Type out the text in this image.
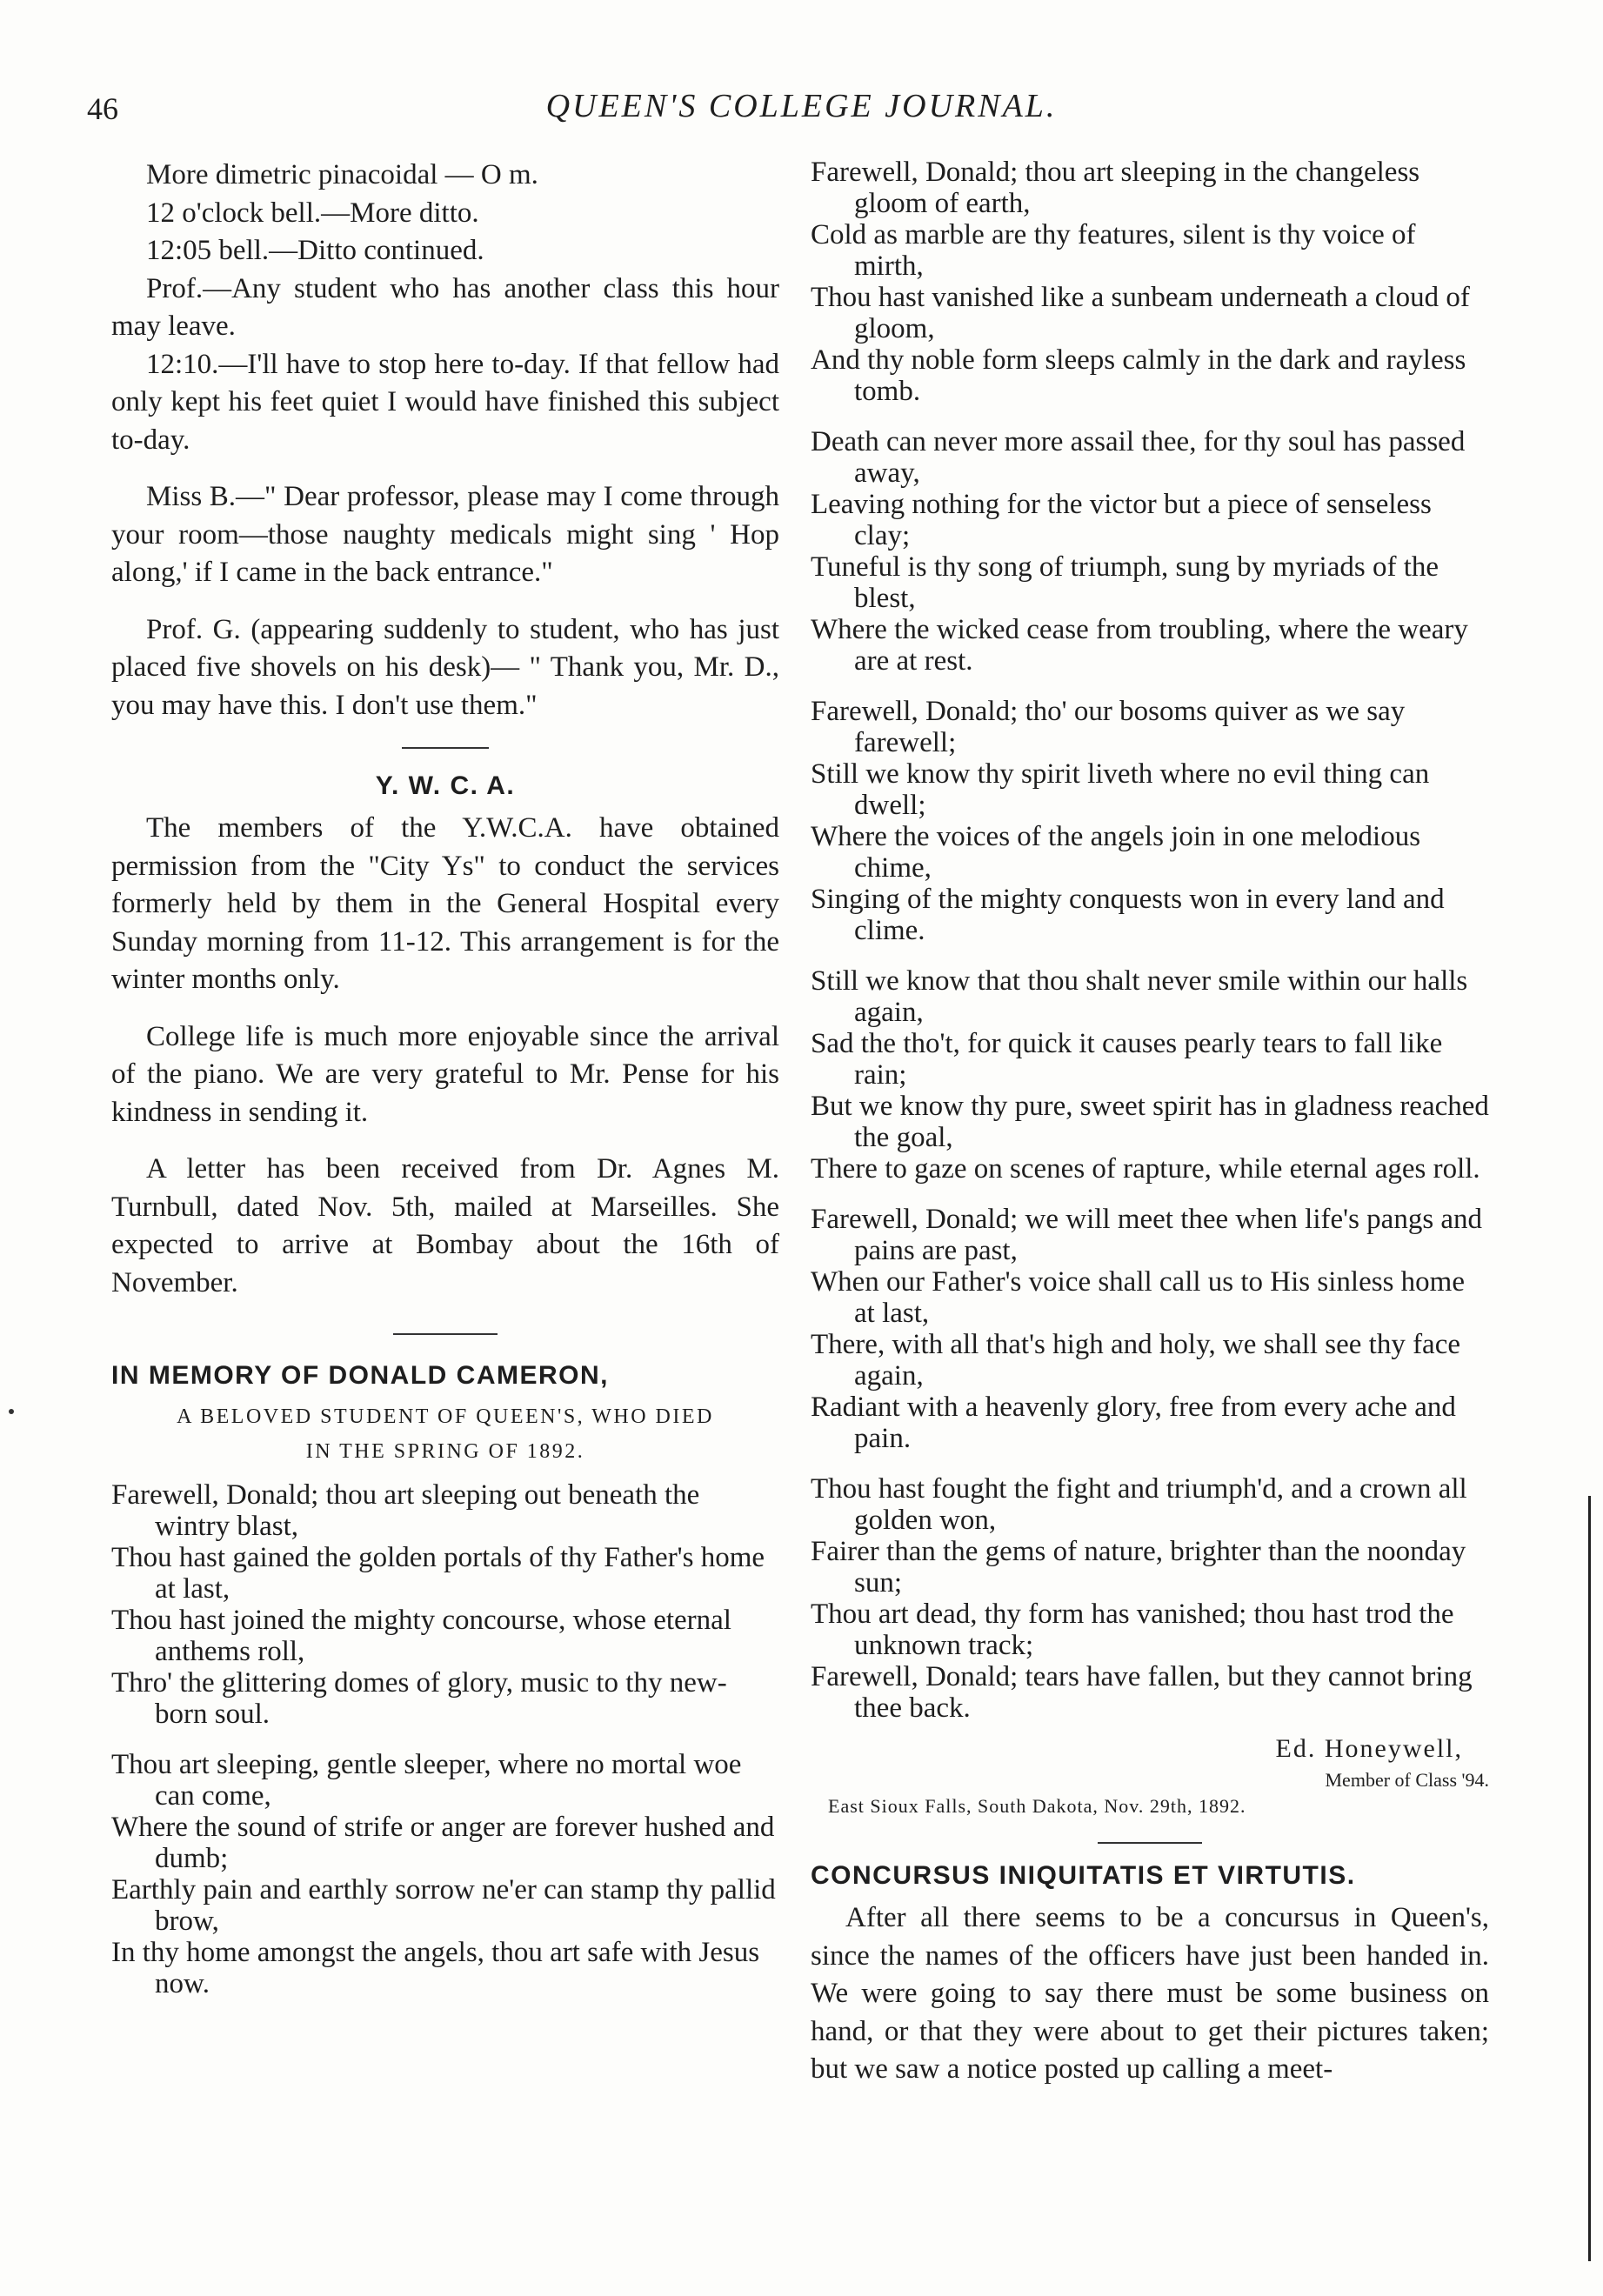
46	QUEEN'S COLLEGE JOURNAL.

More dimetric pinacoidal — O m.

12 o'clock bell.—More ditto.

12:05 bell.—Ditto continued.

Prof.—Any student who has another class this hour may leave.

12:10.—I'll have to stop here to-day. If that fellow had only kept his feet quiet I would have finished this subject to-day.

Miss B.—" Dear professor, please may I come through your room—those naughty medicals might sing ' Hop along,' if I came in the back entrance."

Prof. G. (appearing suddenly to student, who has just placed five shovels on his desk)— " Thank you, Mr. D., you may have this. I don't use them."

Y. W. C. A.

The members of the Y.W.C.A. have obtained permission from the "City Ys" to conduct the services formerly held by them in the General Hospital every Sunday morning from 11-12. This arrangement is for the winter months only.

College life is much more enjoyable since the arrival of the piano. We are very grateful to Mr. Pense for his kindness in sending it.

A letter has been received from Dr. Agnes M. Turnbull, dated Nov. 5th, mailed at Marseilles. She expected to arrive at Bombay about the 16th of November.

IN MEMORY OF DONALD CAMERON,
A BELOVED STUDENT OF QUEEN'S, WHO DIED
IN THE SPRING OF 1892.
Farewell, Donald; thou art sleeping out beneath the wintry blast,
Thou hast gained the golden portals of thy Father's home at last,
Thou hast joined the mighty concourse, whose eternal anthems roll,
Thro' the glittering domes of glory, music to thy new-born soul.
Thou art sleeping, gentle sleeper, where no mortal woe can come,
Where the sound of strife or anger are forever hushed and dumb;
Earthly pain and earthly sorrow ne'er can stamp thy pallid brow,
In thy home amongst the angels, thou art safe with Jesus now.
Farewell, Donald; thou art sleeping in the changeless gloom of earth,
Cold as marble are thy features, silent is thy voice of mirth,
Thou hast vanished like a sunbeam underneath a cloud of gloom,
And thy noble form sleeps calmly in the dark and rayless tomb.
Death can never more assail thee, for thy soul has passed away,
Leaving nothing for the victor but a piece of senseless clay;
Tuneful is thy song of triumph, sung by myriads of the blest,
Where the wicked cease from troubling, where the weary are at rest.
Farewell, Donald; tho' our bosoms quiver as we say farewell;
Still we know thy spirit liveth where no evil thing can dwell;
Where the voices of the angels join in one melodious chime,
Singing of the mighty conquests won in every land and clime.
Still we know that thou shalt never smile within our halls again,
Sad the tho't, for quick it causes pearly tears to fall like rain;
But we know thy pure, sweet spirit has in gladness reached the goal,
There to gaze on scenes of rapture, while eternal ages roll.
Farewell, Donald; we will meet thee when life's pangs and pains are past,
When our Father's voice shall call us to His sinless home at last,
There, with all that's high and holy, we shall see thy face again,
Radiant with a heavenly glory, free from every ache and pain.
Thou hast fought the fight and triumph'd, and a crown all golden won,
Fairer than the gems of nature, brighter than the noonday sun;
Thou art dead, thy form has vanished; thou hast trod the unknown track;
Farewell, Donald; tears have fallen, but they cannot bring thee back.
Ed. Honeywell,
Member of Class '94.
East Sioux Falls, South Dakota, Nov. 29th, 1892.
CONCURSUS INIQUITATIS ET VIRTUTIS.

After all there seems to be a concursus in Queen's, since the names of the officers have just been handed in. We were going to say there must be some business on hand, or that they were about to get their pictures taken; but we saw a notice posted up calling a meet-
